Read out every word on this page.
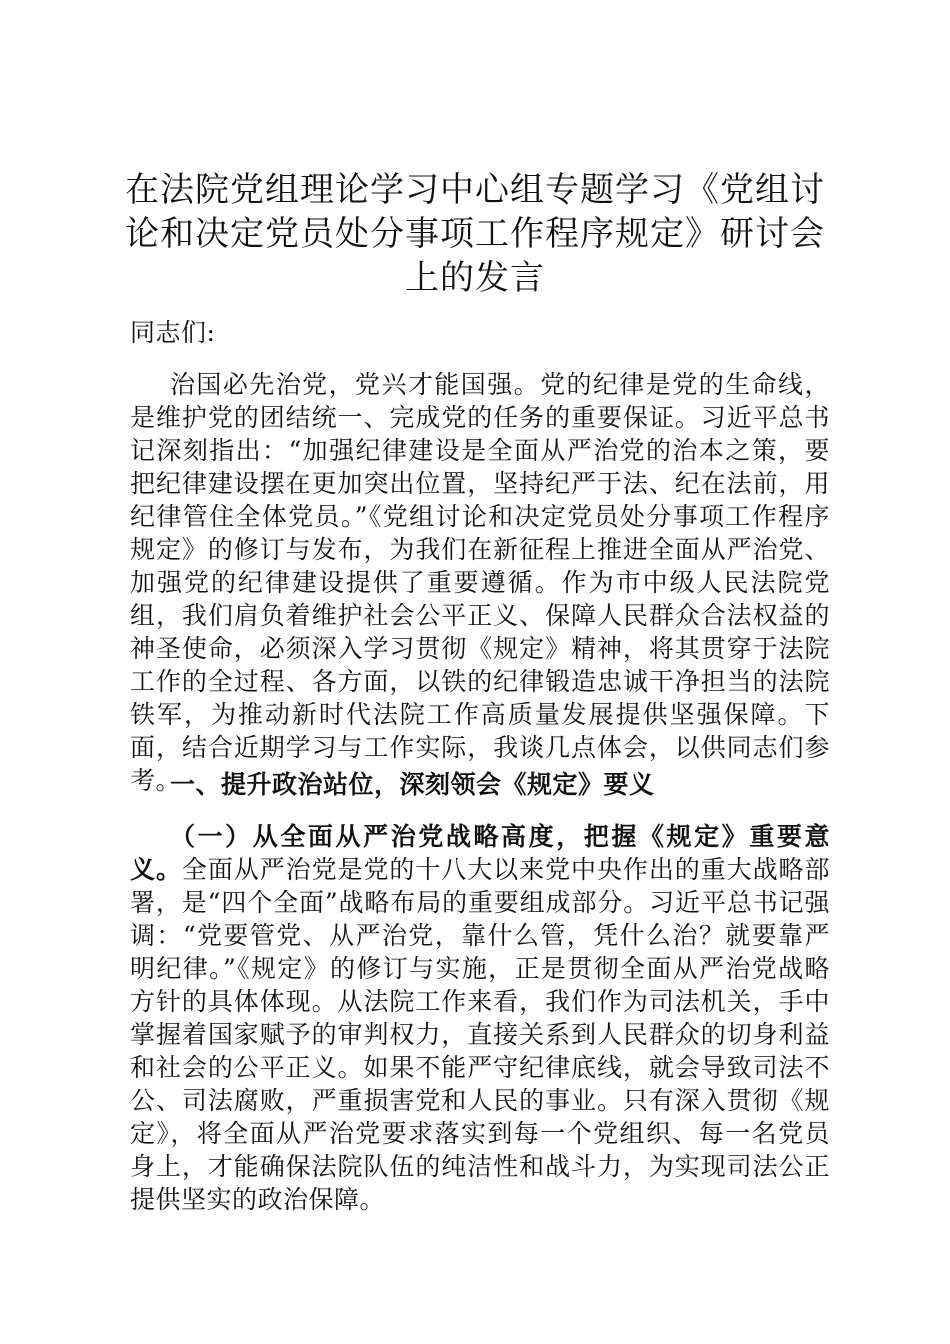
在法院党组理论学习中心组专题学习《党组讨论和决定党员处分事项工作程序规定》研讨会上的发言

同志们:

治国必先治党，党兴才能国强。党的纪律是党的生命线，是维护党的团结统一、完成党的任务的重要保证。习近平总书记深刻指出：“加强纪律建设是全面从严治党的治本之策，要把纪律建设摆在更加突出位置，坚持纪严于法、纪在法前，用纪律管住全体党员。”《党组讨论和决定党员处分事项工作程序规定》的修订与发布，为我们在新征程上推进全面从严治党、加强党的纪律建设提供了重要遵循。作为市中级人民法院党组，我们肩负着维护社会公平正义、保障人民群众合法权益的神圣使命，必须深入学习贯彻《规定》精神，将其贯穿于法院工作的全过程、各方面，以铁的纪律锻造忠诚干净担当的法院铁军，为推动新时代法院工作高质量发展提供坚强保障。下面，结合近期学习与工作实际，我谈几点体会，以供同志们参考。

一、提升政治站位，深刻领会《规定》要义

（一）从全面从严治党战略高度，把握《规定》重要意义。全面从严治党是党的十八大以来党中央作出的重大战略部署，是“四个全面”战略布局的重要组成部分。习近平总书记强调：“党要管党、从严治党，靠什么管，凭什么治？就要靠严明纪律。”《规定》的修订与实施，正是贯彻全面从严治党战略方针的具体体现。从法院工作来看，我们作为司法机关，手中掌握着国家赋予的审判权力，直接关系到人民群众的切身利益和社会的公平正义。如果不能严守纪律底线，就会导致司法不公、司法腐败，严重损害党和人民的事业。只有深入贯彻《规定》，将全面从严治党要求落实到每一个党组织、每一名党员身上，才能确保法院队伍的纯洁性和战斗力，为实现司法公正提供坚实的政治保障。
